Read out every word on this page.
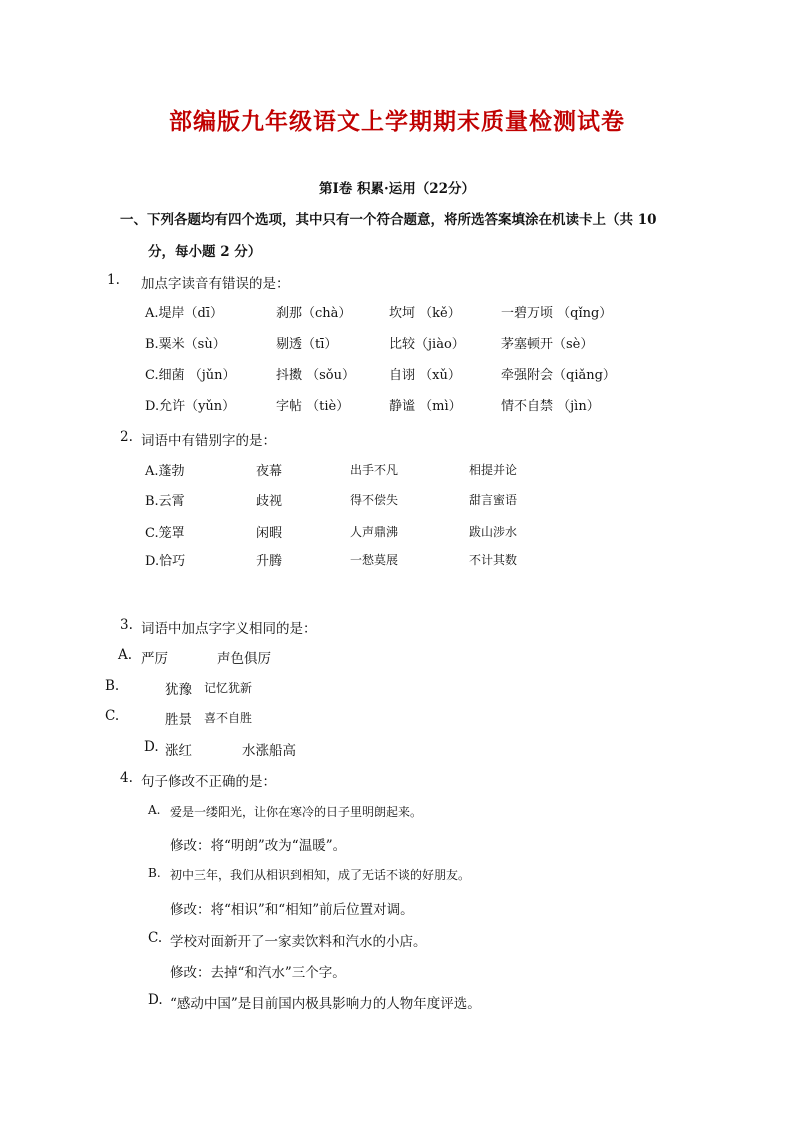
部编版九年级语文上学期期末质量检测试卷
第Ⅰ卷 积累·运用（22分）
一、下列各题均有四个选项，其中只有一个符合题意，将所选答案填涂在机读卡上（共 10
分，每小题 2 分）
1. 加点字读音有错误的是：
A.堤岸（dī）	刹那（chà）	坎坷 （kě）	一碧万顷 （qǐng）
B.粟米（sù）	剔透（tī）	比较（jiào）	茅塞顿开（sè）
C.细菌 （jǔn）	抖擞 （sǒu）	自诩 （xǔ）	牵强附会（qiǎng）
D.允许（yǔn）	字帖 （tiè）	静谧 （mì）	情不自禁 （jìn）
2. 词语中有错别字的是：
A.蓬勃	夜幕	出手不凡	相提并论
B.云霄	歧视	得不偿失	甜言蜜语
C.笼罩	闲暇	人声鼎沸	跋山涉水
D.恰巧	升腾	一愁莫展	不计其数
3. 词语中加点字字义相同的是：
A. 严厉	声色俱厉
B.	犹豫 记忆犹新
C.	胜景 喜不自胜
D. 涨红	水涨船高
4. 句子修改不正确的是：
A. 爱是一缕阳光，让你在寒冷的日子里明朗起来。
修改：将“明朗”改为“温暖”。
B. 初中三年，我们从相识到相知，成了无话不谈的好朋友。
修改：将“相识”和“相知”前后位置对调。
C. 学校对面新开了一家卖饮料和汽水的小店。
修改：去掉“和汽水”三个字。
D. “感动中国”是目前国内极具影响力的人物年度评选。
